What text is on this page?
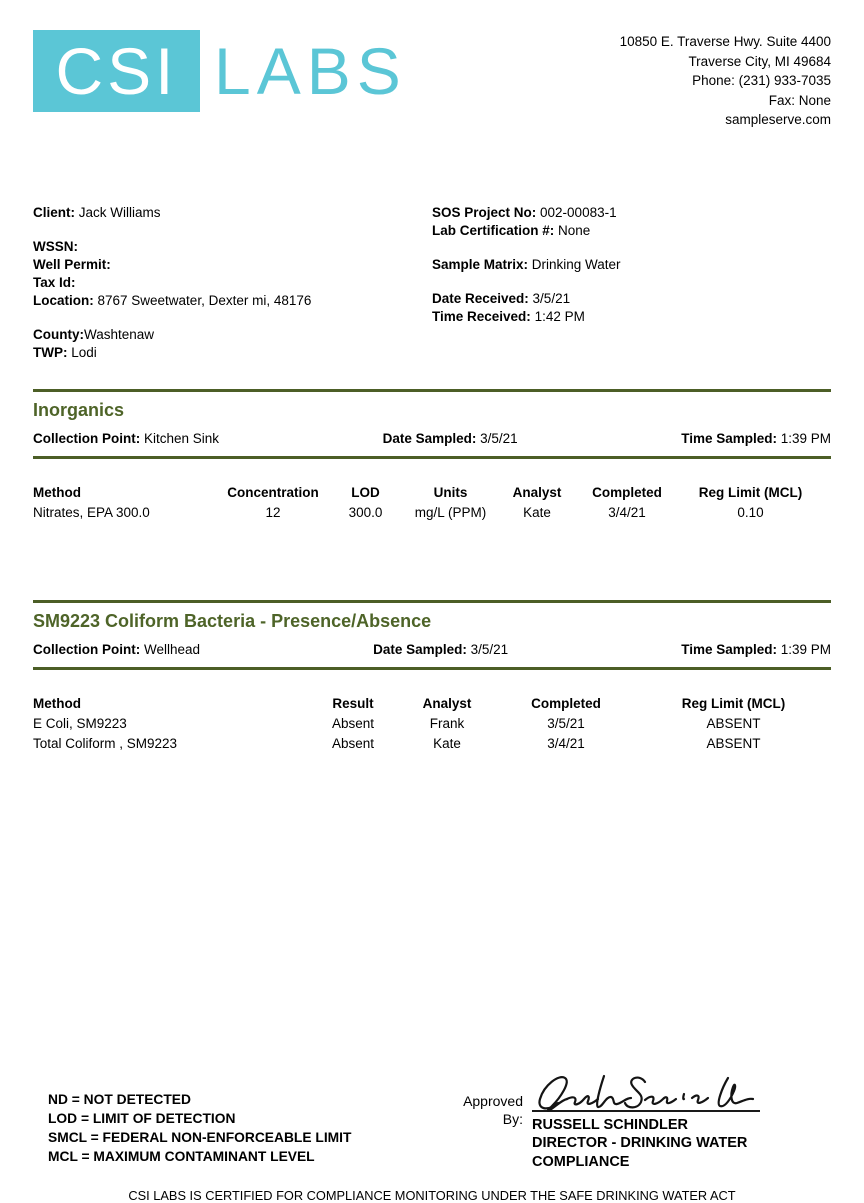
CSI LABS	10850 E. Traverse Hwy. Suite 4400
Traverse City, MI 49684
Phone: (231) 933-7035
Fax: None
sampleserve.com
Client: Jack Williams
WSSN:
Well Permit:
Tax Id:
Location: 8767 Sweetwater, Dexter mi, 48176
County:Washtenaw
TWP: Lodi
SOS Project No: 002-00083-1
Lab Certification #: None
Sample Matrix: Drinking Water
Date Received: 3/5/21
Time Received: 1:42 PM
Inorganics
Collection Point: Kitchen Sink	Date Sampled: 3/5/21	Time Sampled: 1:39 PM
Method	Concentration	LOD	Units	Analyst	Completed	Reg Limit (MCL)
Nitrates, EPA 300.0	12	300.0	mg/L (PPM)	Kate	3/4/21	0.10
SM9223 Coliform Bacteria - Presence/Absence
Collection Point: Wellhead	Date Sampled: 3/5/21	Time Sampled: 1:39 PM
Method	Result	Analyst	Completed	Reg Limit (MCL)
E Coli, SM9223	Absent	Frank	3/5/21	ABSENT
Total Coliform , SM9223	Absent	Kate	3/4/21	ABSENT
ND = NOT DETECTED
LOD = LIMIT OF DETECTION
SMCL = FEDERAL NON-ENFORCEABLE LIMIT
MCL = MAXIMUM CONTAMINANT LEVEL
Approved
By: RUSSELL SCHINDLER
DIRECTOR - DRINKING WATER
COMPLIANCE
CSI LABS IS CERTIFIED FOR COMPLIANCE MONITORING UNDER THE SAFE DRINKING WATER ACT
